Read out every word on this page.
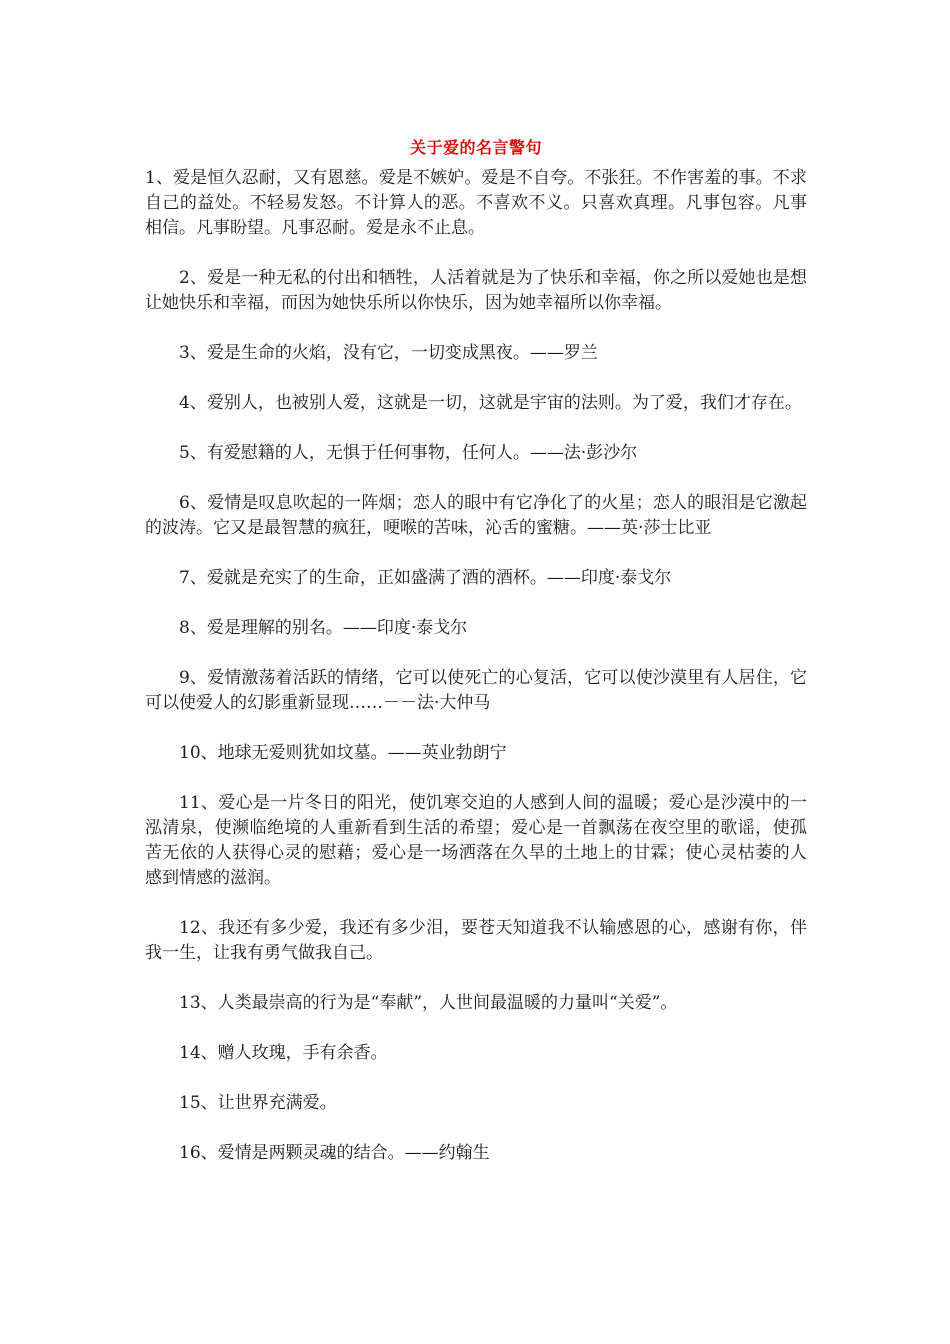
关于爱的名言警句

1、爱是恒久忍耐，又有恩慈。爱是不嫉妒。爱是不自夸。不张狂。不作害羞的事。不求自己的益处。不轻易发怒。不计算人的恶。不喜欢不义。只喜欢真理。凡事包容。凡事相信。凡事盼望。凡事忍耐。爱是永不止息。

2、爱是一种无私的付出和牺牲，人活着就是为了快乐和幸福，你之所以爱她也是想让她快乐和幸福，而因为她快乐所以你快乐，因为她幸福所以你幸福。

3、爱是生命的火焰，没有它，一切变成黑夜。——罗兰

4、爱别人，也被别人爱，这就是一切，这就是宇宙的法则。为了爱，我们才存在。

5、有爱慰籍的人，无惧于任何事物，任何人。——法·彭沙尔

6、爱情是叹息吹起的一阵烟；恋人的眼中有它净化了的火星；恋人的眼泪是它激起的波涛。它又是最智慧的疯狂，哽喉的苦味，沁舌的蜜糖。——英·莎士比亚

7、爱就是充实了的生命，正如盛满了酒的酒杯。——印度·泰戈尔

8、爱是理解的别名。——印度·泰戈尔

9、爱情激荡着活跃的情绪，它可以使死亡的心复活，它可以使沙漠里有人居住，它可以使爱人的幻影重新显现……－－法·大仲马

10、地球无爱则犹如坟墓。——英业勃朗宁

11、爱心是一片冬日的阳光，使饥寒交迫的人感到人间的温暖；爱心是沙漠中的一泓清泉，使濒临绝境的人重新看到生活的希望；爱心是一首飘荡在夜空里的歌谣，使孤苦无依的人获得心灵的慰藉；爱心是一场洒落在久旱的土地上的甘霖；使心灵枯萎的人感到情感的滋润。

12、我还有多少爱，我还有多少泪，要苍天知道我不认输感恩的心，感谢有你，伴我一生，让我有勇气做我自己。

13、人类最崇高的行为是“奉献”，人世间最温暖的力量叫“关爱”。

14、赠人玫瑰，手有余香。

15、让世界充满爱。

16、爱情是两颗灵魂的结合。——约翰生
